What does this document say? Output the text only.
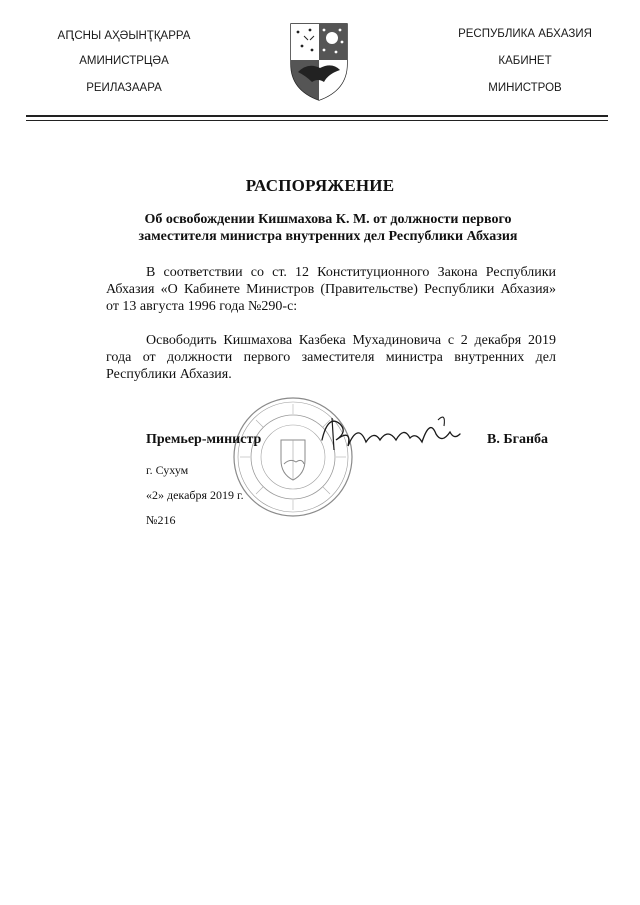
АԤСНЫ АҲӘЫНҬҚАРРА
АМИНИСТРЦӘА
РЕИЛАЗААРА
РЕСПУБЛИКА АБХАЗИЯ
КАБИНЕТ
МИНИСТРОВ
РАСПОРЯЖЕНИЕ
Об освобождении Кишмахова К. М. от должности первого
заместителя министра внутренних дел Республики Абхазия
В соответствии со ст. 12 Конституционного Закона Республики Абхазия «О Кабинете Министров (Правительстве) Республики Абхазия» от 13 августа 1996 года №290-с:
Освободить Кишмахова Казбека Мухадиновича с 2 декабря 2019 года от должности первого заместителя министра внутренних дел Республики Абхазия.
Премьер-министр	В. Бганба
г. Сухум
«2» декабря 2019 г.
№216
